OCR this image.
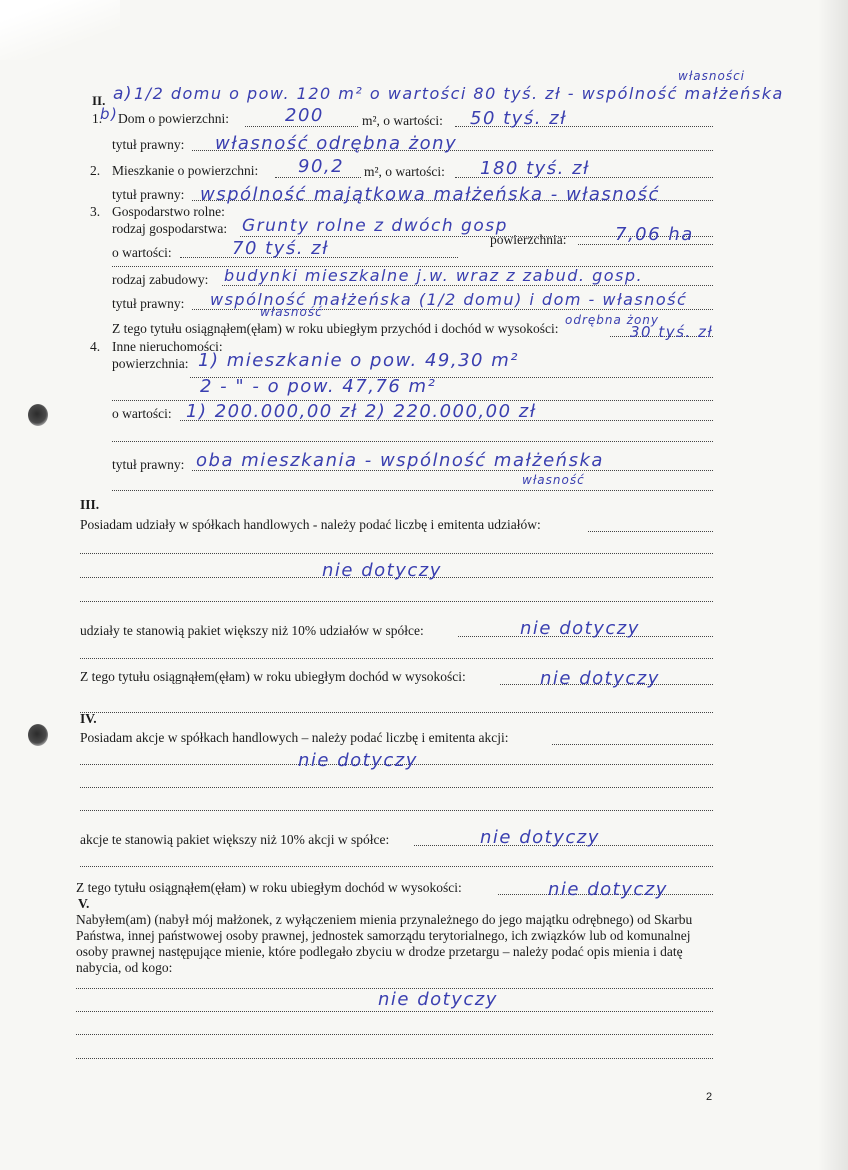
II. a) 1/2 domu o pow. 120 m² o wartości 80 tyś. zł - wspólność małżeńska
własności
1.
b) Dom o powierzchni:	200	m², o wartości: 50 tyś. zł
tytuł prawny: własność odrębna żony
2. Mieszkanie o powierzchni: 90,2 m², o wartości: 180 tyś. zł
tytuł prawny: wspólność majątkowa małżeńska - własność
3. Gospodarstwo rolne:
rodzaj gospodarstwa: Grunty rolne z dwóch gosp
o wartości:	70 tyś. zł	powierzchnia:	7,06 ha
rodzaj zabudowy: budynki mieszkalne j.w. wraz z zabud. gosp.
tytuł prawny: wspólność małżeńska (1/2 domu) i dom - własność
własność
odrębna żony
Z tego tytułu osiągnąłem(ęłam) w roku ubiegłym przychód i dochód w wysokości:	30 tyś. zł
4. Inne nieruchomości:
powierzchnia: 1) mieszkanie o pow. 49,30 m²
2 - " - o pow. 47,76 m²
o wartości: 1) 200.000,00 zł 2) 220.000,00 zł
tytuł prawny: oba mieszkania - wspólność małżeńska
własność
III.
Posiadam udziały w spółkach handlowych - należy podać liczbę i emitenta udziałów:
nie dotyczy
udziały te stanowią pakiet większy niż 10% udziałów w spółce:	nie dotyczy
Z tego tytułu osiągnąłem(ęłam) w roku ubiegłym dochód w wysokości:	nie dotyczy
IV.
Posiadam akcje w spółkach handlowych – należy podać liczbę i emitenta akcji:
nie dotyczy
akcje te stanowią pakiet większy niż 10% akcji w spółce:	nie dotyczy
Z tego tytułu osiągnąłem(ęłam) w roku ubiegłym dochód w wysokości:	nie dotyczy
V.
Nabyłem(am) (nabył mój małżonek, z wyłączeniem mienia przynależnego do jego majątku odrębnego) od Skarbu Państwa, innej państwowej osoby prawnej, jednostek samorządu terytorialnego, ich związków lub od komunalnej osoby prawnej następujące mienie, które podlegało zbyciu w drodze przetargu – należy podać opis mienia i datę nabycia, od kogo:
nie dotyczy
2
